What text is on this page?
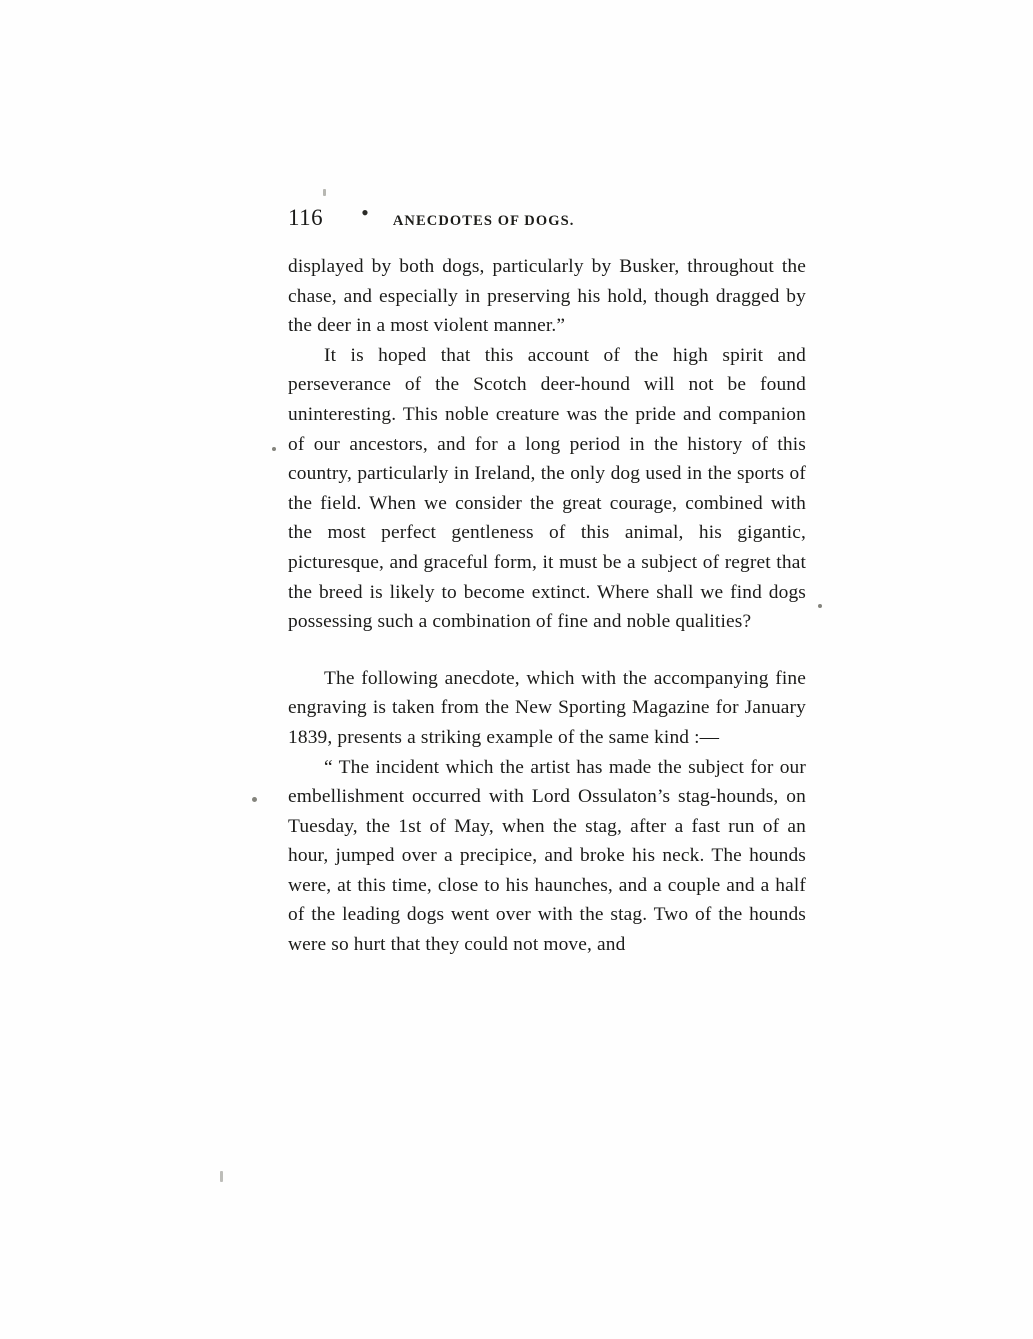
116 • ANECDOTES OF DOGS.

displayed by both dogs, particularly by Busker, throughout the chase, and especially in preserving his hold, though dragged by the deer in a most violent manner.”

It is hoped that this account of the high spirit and perseverance of the Scotch deer-hound will not be found uninteresting. This noble creature was the pride and companion of our ancestors, and for a long period in the history of this country, particularly in Ireland, the only dog used in the sports of the field. When we consider the great courage, combined with the most perfect gentleness of this animal, his gigantic, picturesque, and graceful form, it must be a subject of regret that the breed is likely to become extinct. Where shall we find dogs possessing such a combination of fine and noble qualities?

The following anecdote, which with the accompanying fine engraving is taken from the New Sporting Magazine for January 1839, presents a striking example of the same kind :—

“ The incident which the artist has made the subject for our embellishment occurred with Lord Ossulaton’s stag-hounds, on Tuesday, the 1st of May, when the stag, after a fast run of an hour, jumped over a precipice, and broke his neck. The hounds were, at this time, close to his haunches, and a couple and a half of the leading dogs went over with the stag. Two of the hounds were so hurt that they could not move, and
